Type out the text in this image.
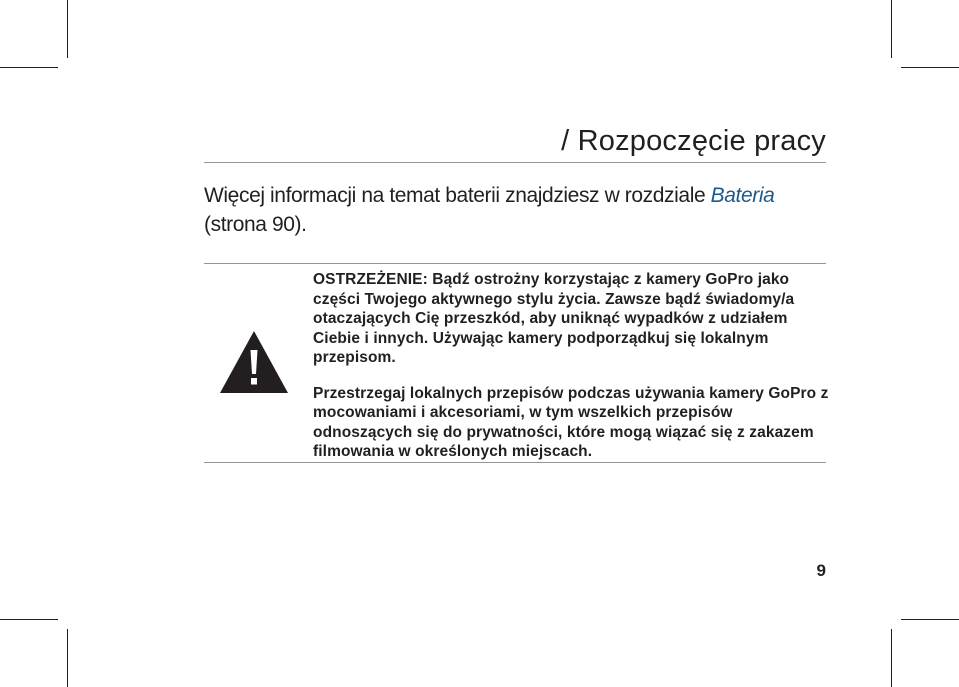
/ Rozpoczęcie pracy
Więcej informacji na temat baterii znajdziesz w rozdziale Bateria (strona 90).

OSTRZEŻENIE: Bądź ostrożny korzystając z kamery GoPro jako części Twojego aktywnego stylu życia. Zawsze bądź świadomy/a otaczających Cię przeszkód, aby uniknąć wypadków z udziałem Ciebie i innych. Używając kamery podporządkuj się lokalnym przepisom.

Przestrzegaj lokalnych przepisów podczas używania kamery GoPro z mocowaniami i akcesoriami, w tym wszelkich przepisów odnoszących się do prywatności, które mogą wiązać się z zakazem filmowania w określonych miejscach.

9
